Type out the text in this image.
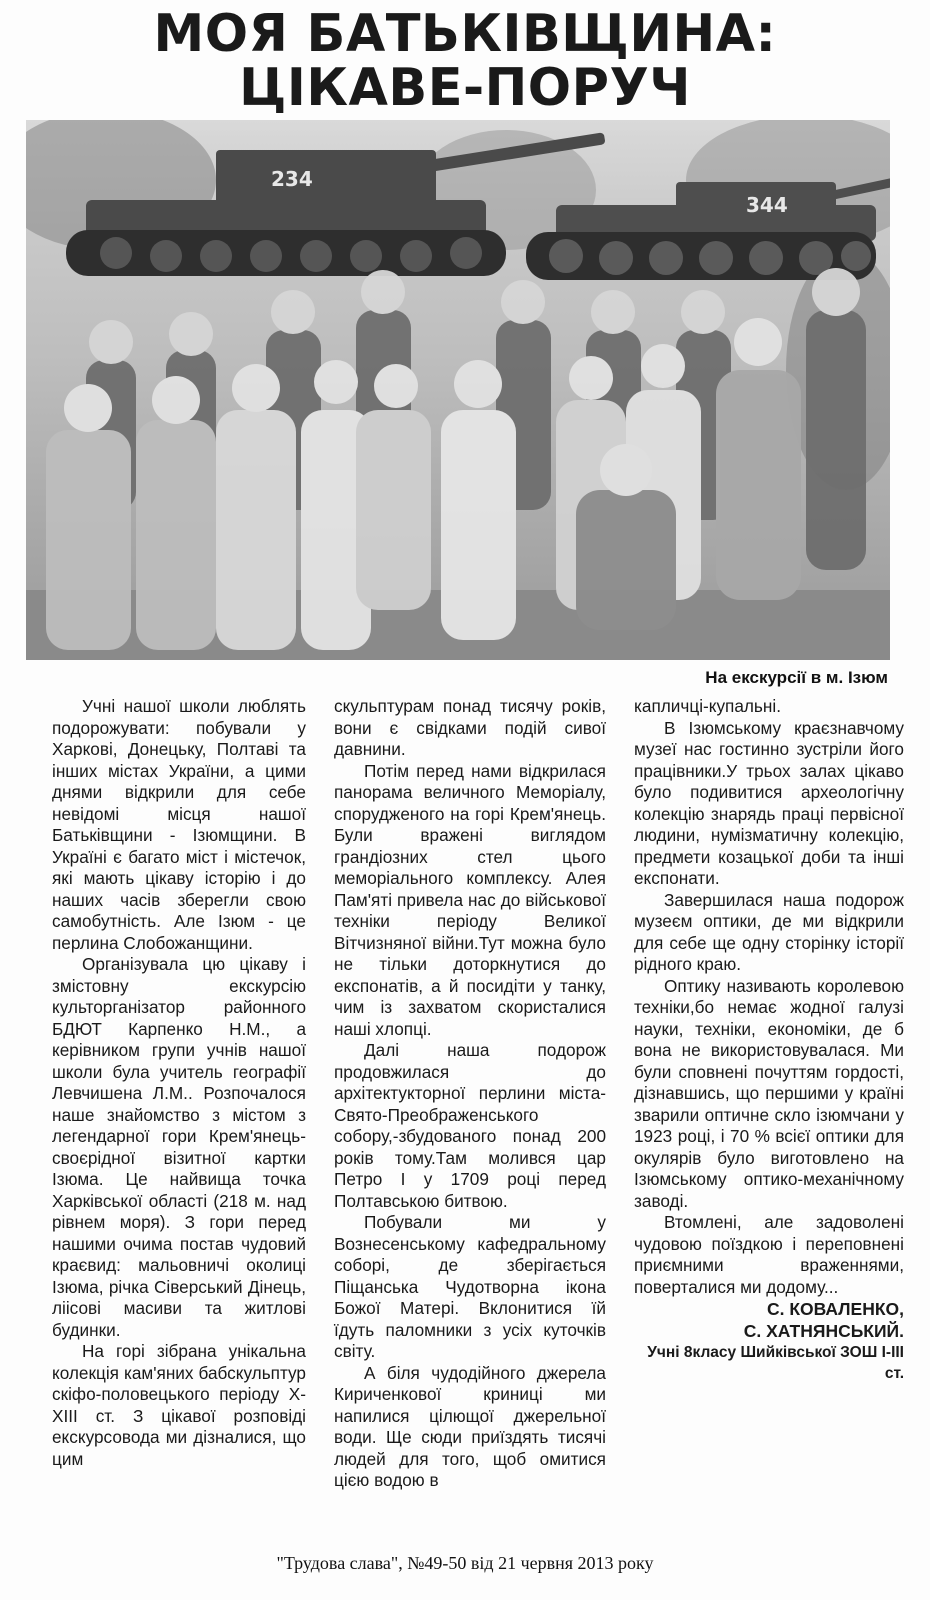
МОЯ БАТЬКІВЩИНА:
ЦІКАВЕ-ПОРУЧ
234
344
На екскурсії в м. Ізюм

Учні нашої школи люблять подорожувати: побували у Харкові, Донецьку, Полтаві та інших містах України, а цими днями відкрили для себе невідомі місця нашої Батьківщини - Ізюмщини. В Україні є багато міст і містечок, які мають цікаву історію і до наших часів зберегли свою самобутність. Але Ізюм - це перлина Слобожанщини.

Організувала цю цікаву і змістовну екскурсію культорганізатор районного БДЮТ Карпенко Н.М., а керівником групи учнів нашої школи була учитель географії Левчишена Л.М.. Розпочалося наше знайомство з містом з легендарної гори Крем'янець-своєрідної візитної картки Ізюма. Це найвища точка Харківської області (218 м. над рівнем моря). З гори перед нашими очима постав чудовий краєвид: мальовничі околиці Ізюма, річка Сіверський Дінець, ліісові масиви та житлові будинки.

На горі зібрана унікальна колекція кам'яних бабскульптур скіфо-половецького періоду X-XIII ст. З цікавої розповіді екскурсовода ми дізналися, що цим

скульптурам понад тисячу років, вони є свідками подій сивої давнини.

Потім перед нами відкрилася панорама величного Меморіалу, спорудженого на горі Крем'янець. Були вражені виглядом грандіозних стел цього меморіального комплексу. Алея Пам'яті привела нас до військової техніки періоду Великої Вітчизняної війни.Тут можна було не тільки доторкнутися до експонатів, а й посидіти у танку, чим із захватом скористалися наші хлопці.

Далі наша подорож продовжилася до архітектукторної перлини міста-Свято-Преображенського собору,-збудованого понад 200 років тому.Там молився цар Петро I у 1709 році перед Полтавською битвою.

Побували ми у Вознесенському кафедральному соборі, де зберігається Піщанська Чудотворна ікона Божої Матері. Вклонитися їй їдуть паломники з усіх куточків світу.

А біля чудодійного джерела Кириченкової криниці ми напилися цілющої джерельної води. Ще сюди приїздять тисячі людей для того, щоб омитися цією водою в

капличці-купальні.

В Ізюмському краєзнавчому музеї нас гостинно зустріли його працівники.У трьох залах цікаво було подивитися археологічну колекцію знарядь праці первісної людини, нумізматичну колекцію, предмети козацької доби та інші експонати.

Завершилася наша подорож музеєм оптики, де ми відкрили для себе ще одну сторінку історії рідного краю.

Оптику називають королевою техніки,бо немає жодної галузі науки, техніки, економіки, де б вона не використовувалася. Ми були сповнені почуттям гордості, дізнавшись, що першими у країні зварили оптичне скло ізюмчани у 1923 році, і 70 % всієї оптики для окулярів було виготовлено на Ізюмському оптико-механічному заводі.

Втомлені, але задоволені чудовою поїздкою і переповнені приємними враженнями, поверталися ми додому...

С. КОВАЛЕНКО,
С. ХАТНЯНСЬКИЙ.
Учні 8класу Шийківської ЗОШ I-III ст.
"Трудова слава", №49-50 від 21 червня 2013 року
